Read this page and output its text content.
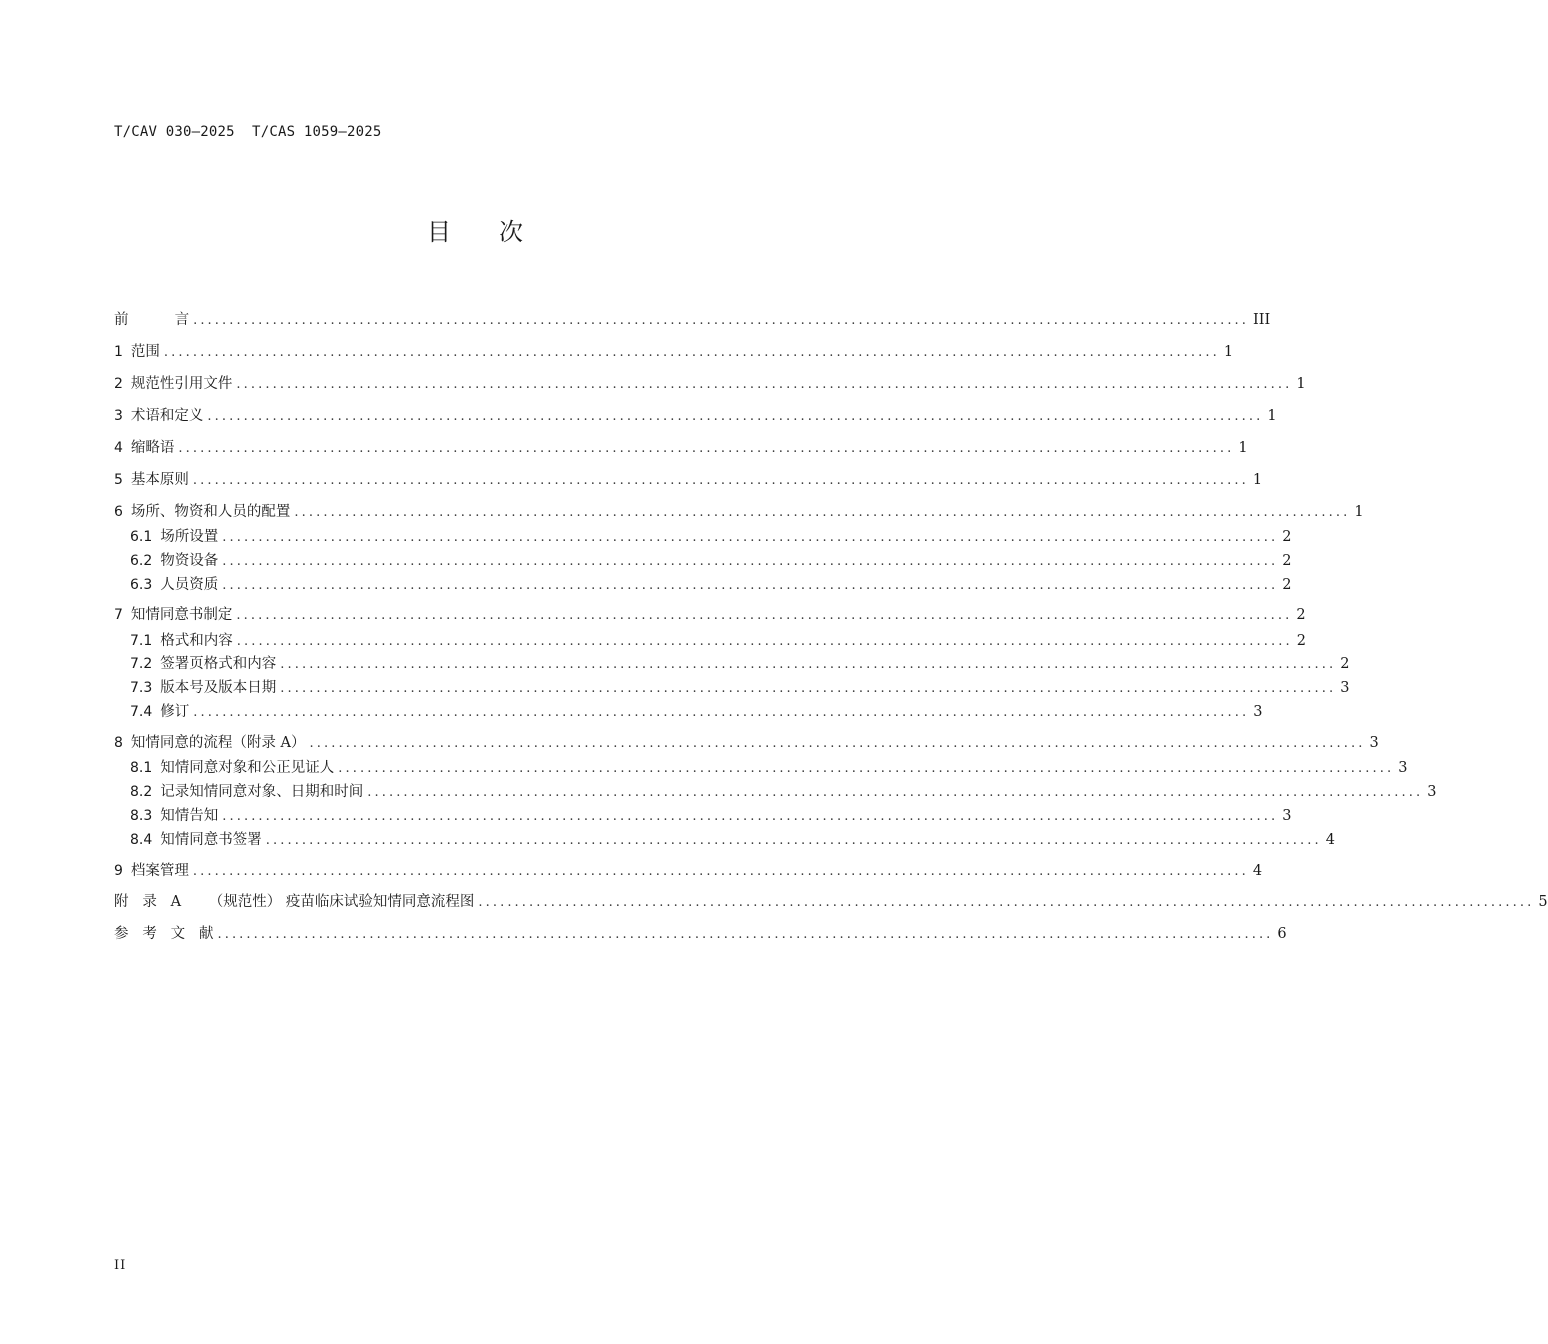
T/CAV 030—2025  T/CAS 1059—2025
目 次
前          言 .................................................................................................................................................. III
1 范围 .................................................................................................................................................. 1
2 规范性引用文件 .................................................................................................................................................. 1
3 术语和定义 .................................................................................................................................................. 1
4 缩略语 .................................................................................................................................................. 1
5 基本原则 .................................................................................................................................................. 1
6 场所、物资和人员的配置 .................................................................................................................................................. 1
6.1 场所设置 .................................................................................................................................................. 2
6.2 物资设备 .................................................................................................................................................. 2
6.3 人员资质 .................................................................................................................................................. 2
7 知情同意书制定 .................................................................................................................................................. 2
7.1 格式和内容 .................................................................................................................................................. 2
7.2 签署页格式和内容 .................................................................................................................................................. 2
7.3 版本号及版本日期 .................................................................................................................................................. 3
7.4 修订 .................................................................................................................................................. 3
8 知情同意的流程（附录 A） .................................................................................................................................................. 3
8.1 知情同意对象和公正见证人 .................................................................................................................................................. 3
8.2 记录知情同意对象、日期和时间 .................................................................................................................................................. 3
8.3 知情告知 .................................................................................................................................................. 3
8.4 知情同意书签署 .................................................................................................................................................. 4
9 档案管理 .................................................................................................................................................. 4
附   录   A      （规范性） 疫苗临床试验知情同意流程图 .................................................................................................................................................. 5
参   考   文   献 .................................................................................................................................................. 6
II
